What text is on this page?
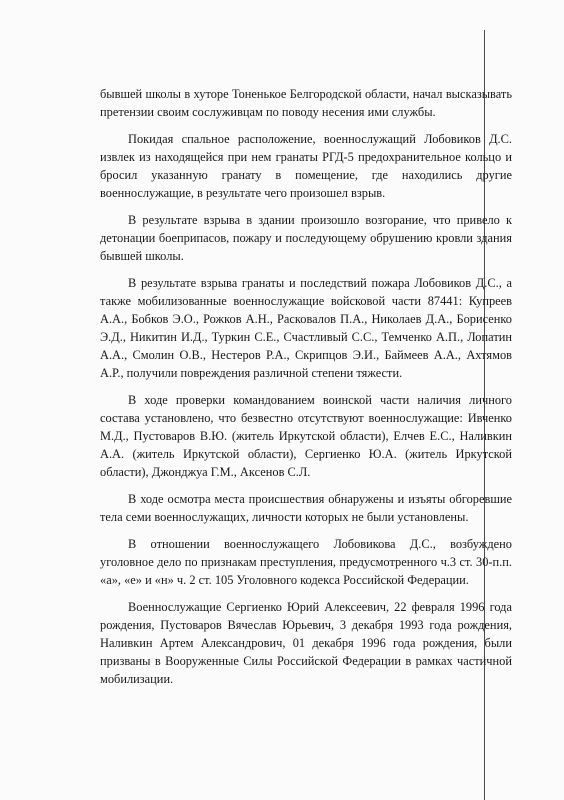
бывшей школы в хуторе Тоненькое Белгородской области, начал высказывать претензии своим сослуживцам по поводу несения ими службы.

Покидая спальное расположение, военнослужащий Лобовиков Д.С. извлек из находящейся при нем гранаты РГД-5 предохранительное кольцо и бросил указанную гранату в помещение, где находились другие военнослужащие, в результате чего произошел взрыв.

В результате взрыва в здании произошло возгорание, что привело к детонации боеприпасов, пожару и последующему обрушению кровли здания бывшей школы.

В результате взрыва гранаты и последствий пожара Лобовиков Д.С., а также мобилизованные военнослужащие войсковой части 87441: Купреев А.А., Бобков Э.О., Рожков А.Н., Расковалов П.А., Николаев Д.А., Борисенко Э.Д., Никитин И.Д., Туркин С.Е., Счастливый С.С., Темченко А.П., Лопатин А.А., Смолин О.В., Нестеров Р.А., Скрипцов Э.И., Баймеев А.А., Ахтямов А.Р., получили повреждения различной степени тяжести.

В ходе проверки командованием воинской части наличия личного состава установлено, что безвестно отсутствуют военнослужащие: Ивченко М.Д., Пустоваров В.Ю. (житель Иркутской области), Елчев Е.С., Наливкин А.А. (житель Иркутской области), Сергиенко Ю.А. (житель Иркутской области), Джонджуа Г.М., Аксенов С.Л.

В ходе осмотра места происшествия обнаружены и изъяты обгоревшие тела семи военнослужащих, личности которых не были установлены.

В отношении военнослужащего Лобовикова Д.С., возбуждено уголовное дело по признакам преступления, предусмотренного ч.3 ст. 30-п.п. «а», «е» и «н» ч. 2 ст. 105 Уголовного кодекса Российской Федерации.

Военнослужащие Сергиенко Юрий Алексеевич, 22 февраля 1996 года рождения, Пустоваров Вячеслав Юрьевич, 3 декабря 1993 года рождения, Наливкин Артем Александрович, 01 декабря 1996 года рождения, были призваны в Вооруженные Силы Российской Федерации в рамках частичной мобилизации.
